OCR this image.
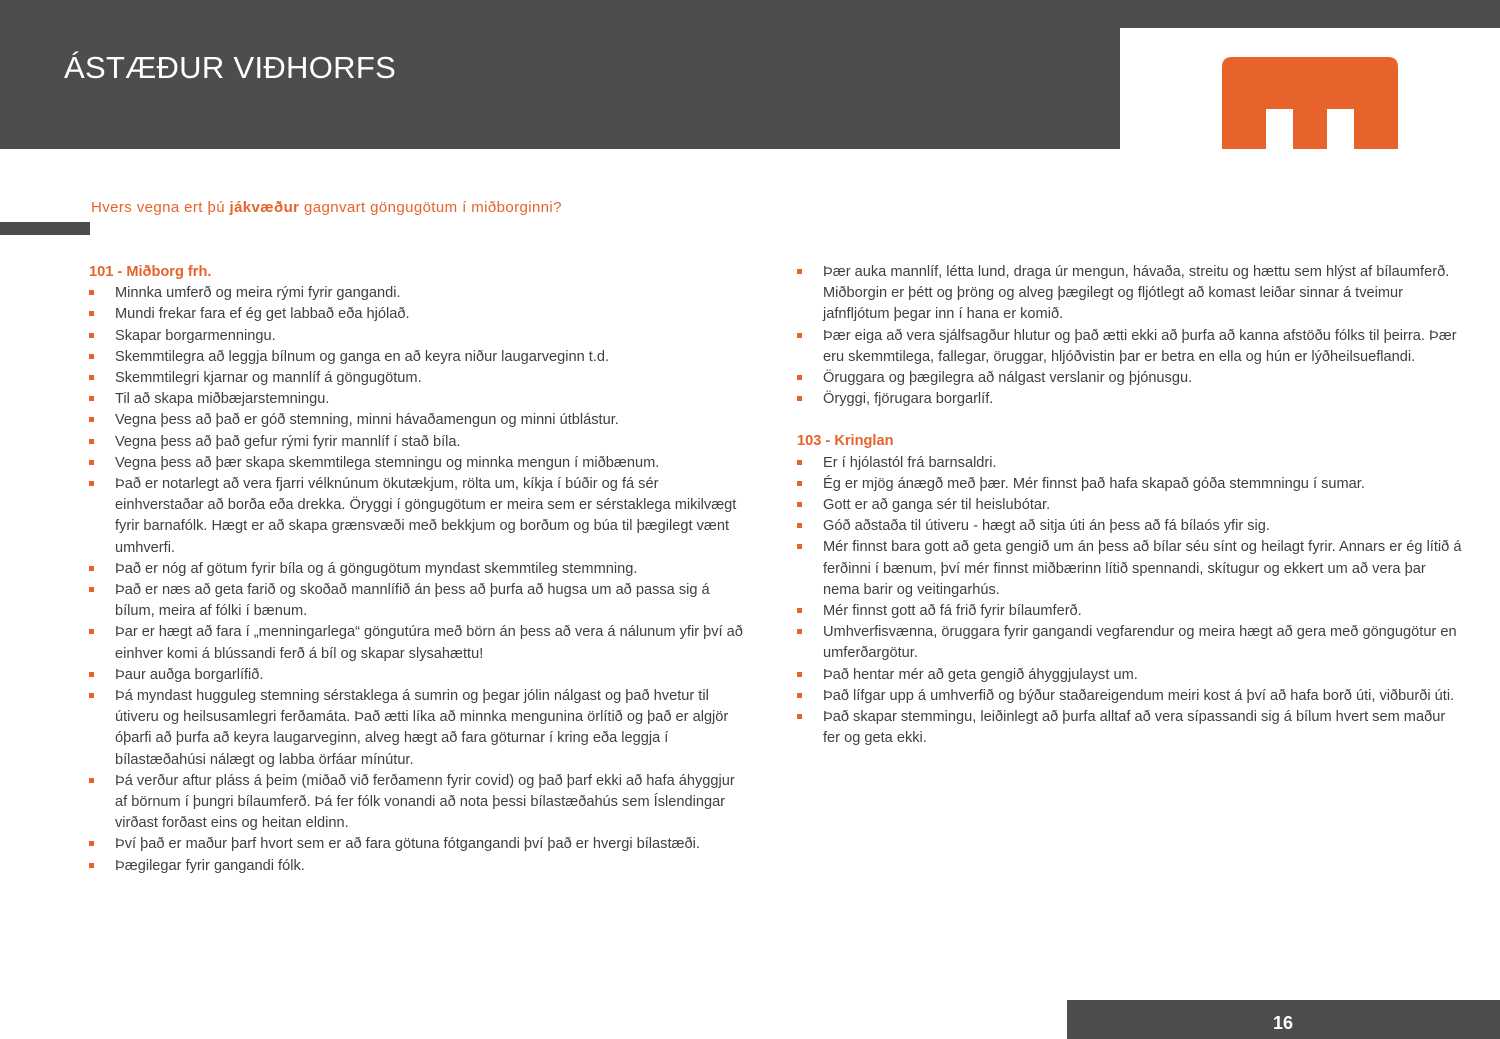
ÁSTÆÐUR VIÐHORFS
Hvers vegna ert þú jákvæður gagnvart göngugötum í miðborginni?
101 - Miðborg frh.
Minnka umferð og meira rými fyrir gangandi.
Mundi frekar fara ef ég get labbað eða hjólað.
Skapar borgarmenningu.
Skemmtilegra að leggja bílnum og ganga en að keyra niður laugarveginn t.d.
Skemmtilegri kjarnar og mannlíf á göngugötum.
Til að skapa miðbæjarstemningu.
Vegna þess að það er góð stemning, minni hávaðamengun og minni útblástur.
Vegna þess að það gefur rými fyrir mannlíf í stað bíla.
Vegna þess að þær skapa skemmtilega stemningu og minnka mengun í miðbænum.
Það er notarlegt að vera fjarri vélknúnum ökutækjum, rölta um, kíkja í búðir og fá sér einhverstaðar að borða eða drekka. Öryggi í göngugötum er meira sem er sérstaklega mikilvægt fyrir barnafólk. Hægt er að skapa grænsvæði með bekkjum og borðum og búa til þægilegt vænt umhverfi.
Það er nóg af götum fyrir bíla og á göngugötum myndast skemmtileg stemmning.
Það er næs að geta farið og skoðað mannlífið án þess að þurfa að hugsa um að passa sig á bílum, meira af fólki í bænum.
Þar er hægt að fara í „menningarlega“ göngutúra með börn án þess að vera á nálunum yfir því að einhver komi á blússandi ferð á bíl og skapar slysahættu!
Þaur auðga borgarlífið.
Þá myndast hugguleg stemning sérstaklega á sumrin og þegar jólin nálgast og það hvetur til útiveru og heilsusamlegri ferðamáta. Það ætti líka að minnka mengunina örlítið og það er algjör óþarfi að þurfa að keyra laugarveginn, alveg hægt að fara göturnar í kring eða leggja í bílastæðahúsi nálægt og labba örfáar mínútur.
Þá verður aftur pláss á þeim (miðað við ferðamenn fyrir covid) og það þarf ekki að hafa áhyggjur af börnum í þungri bílaumferð. Þá fer fólk vonandi að nota þessi bílastæðahús sem Íslendingar virðast forðast eins og heitan eldinn.
Því það er maður þarf hvort sem er að fara götuna fótgangandi því það er hvergi bílastæði.
Þægilegar fyrir gangandi fólk.
Þær auka mannlíf, létta lund, draga úr mengun, hávaða, streitu og hættu sem hlýst af bílaumferð. Miðborgin er þétt og þröng og alveg þægilegt og fljótlegt að komast leiðar sinnar á tveimur jafnfljótum þegar inn í hana er komið.
Þær eiga að vera sjálfsagður hlutur og það ætti ekki að þurfa að kanna afstöðu fólks til þeirra. Þær eru skemmtilega, fallegar, öruggar, hljóðvistin þar er betra en ella og hún er lýðheilsueflandi.
Öruggara og þægilegra að nálgast verslanir og þjónusgu.
Öryggi, fjörugara borgarlíf.
103 - Kringlan
Er í hjólastól frá barnsaldri.
Ég er mjög ánægð með þær. Mér finnst það hafa skapað góða stemmningu í sumar.
Gott er að ganga sér til heislubótar.
Góð aðstaða til útiveru - hægt að sitja úti án þess að fá bílaós yfir sig.
Mér finnst bara gott að geta gengið um án þess að bílar séu sínt og heilagt fyrir. Annars er ég lítið á ferðinni í bænum, því mér finnst miðbærinn lítið spennandi, skítugur og ekkert um að vera þar nema barir og veitingarhús.
Mér finnst gott að fá frið fyrir bílaumferð.
Umhverfisvænna, öruggara fyrir gangandi vegfarendur og meira hægt að gera með göngugötur en umferðargötur.
Það hentar mér að geta gengið áhyggjulayst um.
Það lífgar upp á umhverfið og býður staðareigendum meiri kost á því að hafa borð úti, viðburði úti.
Það skapar stemmingu, leiðinlegt að þurfa alltaf að vera sípassandi sig á bílum hvert sem maður fer og geta ekki.
16
